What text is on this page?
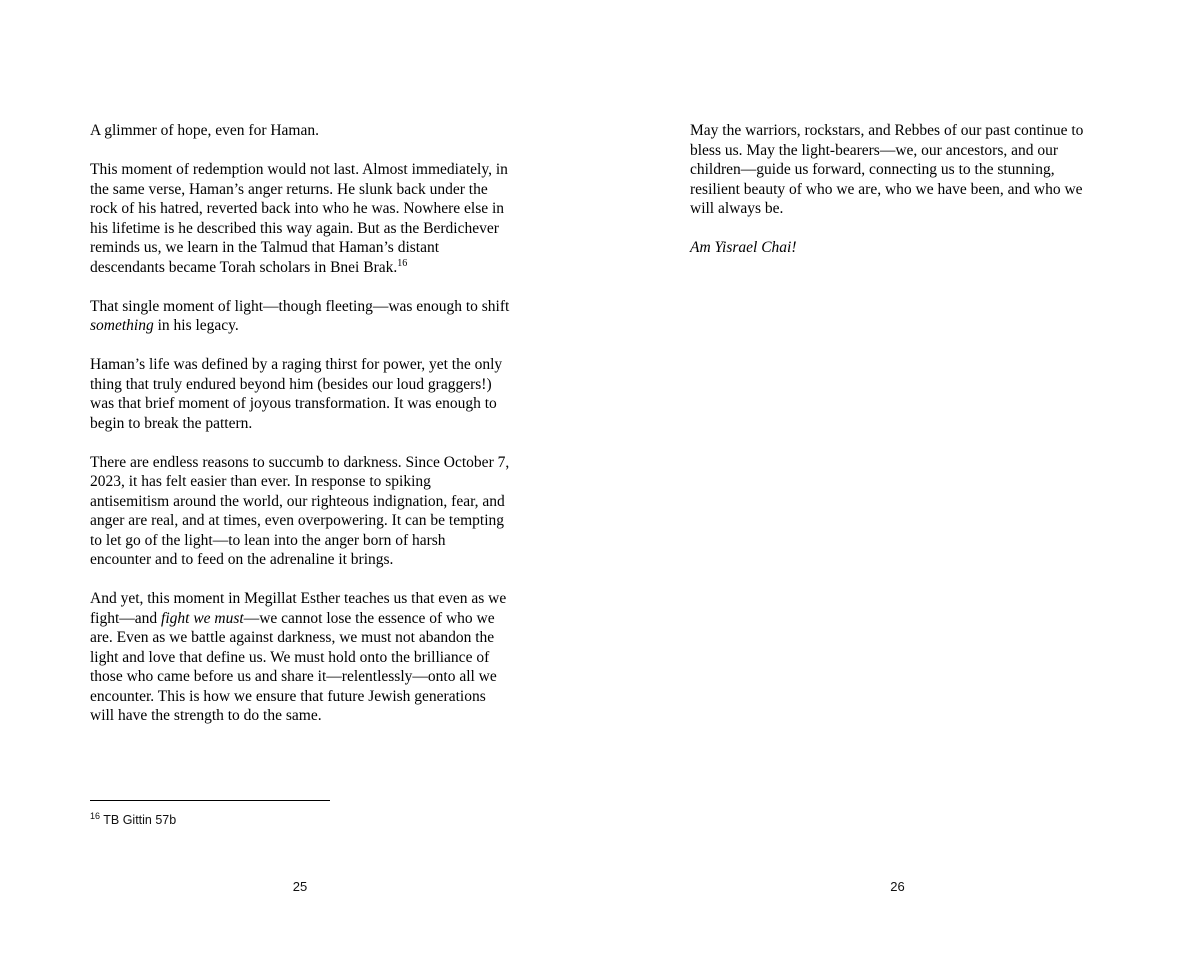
A glimmer of hope, even for Haman.

This moment of redemption would not last. Almost immediately, in the same verse, Haman’s anger returns. He slunk back under the rock of his hatred, reverted back into who he was. Nowhere else in his lifetime is he described this way again. But as the Berdichever reminds us, we learn in the Talmud that Haman’s distant descendants became Torah scholars in Bnei Brak.$^{16}$

That single moment of light—though fleeting—was enough to shift something in his legacy.

Haman’s life was defined by a raging thirst for power, yet the only thing that truly endured beyond him (besides our loud graggers!) was that brief moment of joyous transformation. It was enough to begin to break the pattern.

There are endless reasons to succumb to darkness. Since October 7, 2023, it has felt easier than ever. In response to spiking antisemitism around the world, our righteous indignation, fear, and anger are real, and at times, even overpowering. It can be tempting to let go of the light—to lean into the anger born of harsh encounter and to feed on the adrenaline it brings.

And yet, this moment in Megillat Esther teaches us that even as we fight—and fight we must—we cannot lose the essence of who we are. Even as we battle against darkness, we must not abandon the light and love that define us. We must hold onto the brilliance of those who came before us and share it—relentlessly—onto all we encounter. This is how we ensure that future Jewish generations will have the strength to do the same.

$^{16}$ TB Gittin 57b
25

May the warriors, rockstars, and Rebbes of our past continue to bless us. May the light-bearers—we, our ancestors, and our children—guide us forward, connecting us to the stunning, resilient beauty of who we are, who we have been, and who we will always be.

Am Yisrael Chai!

26
